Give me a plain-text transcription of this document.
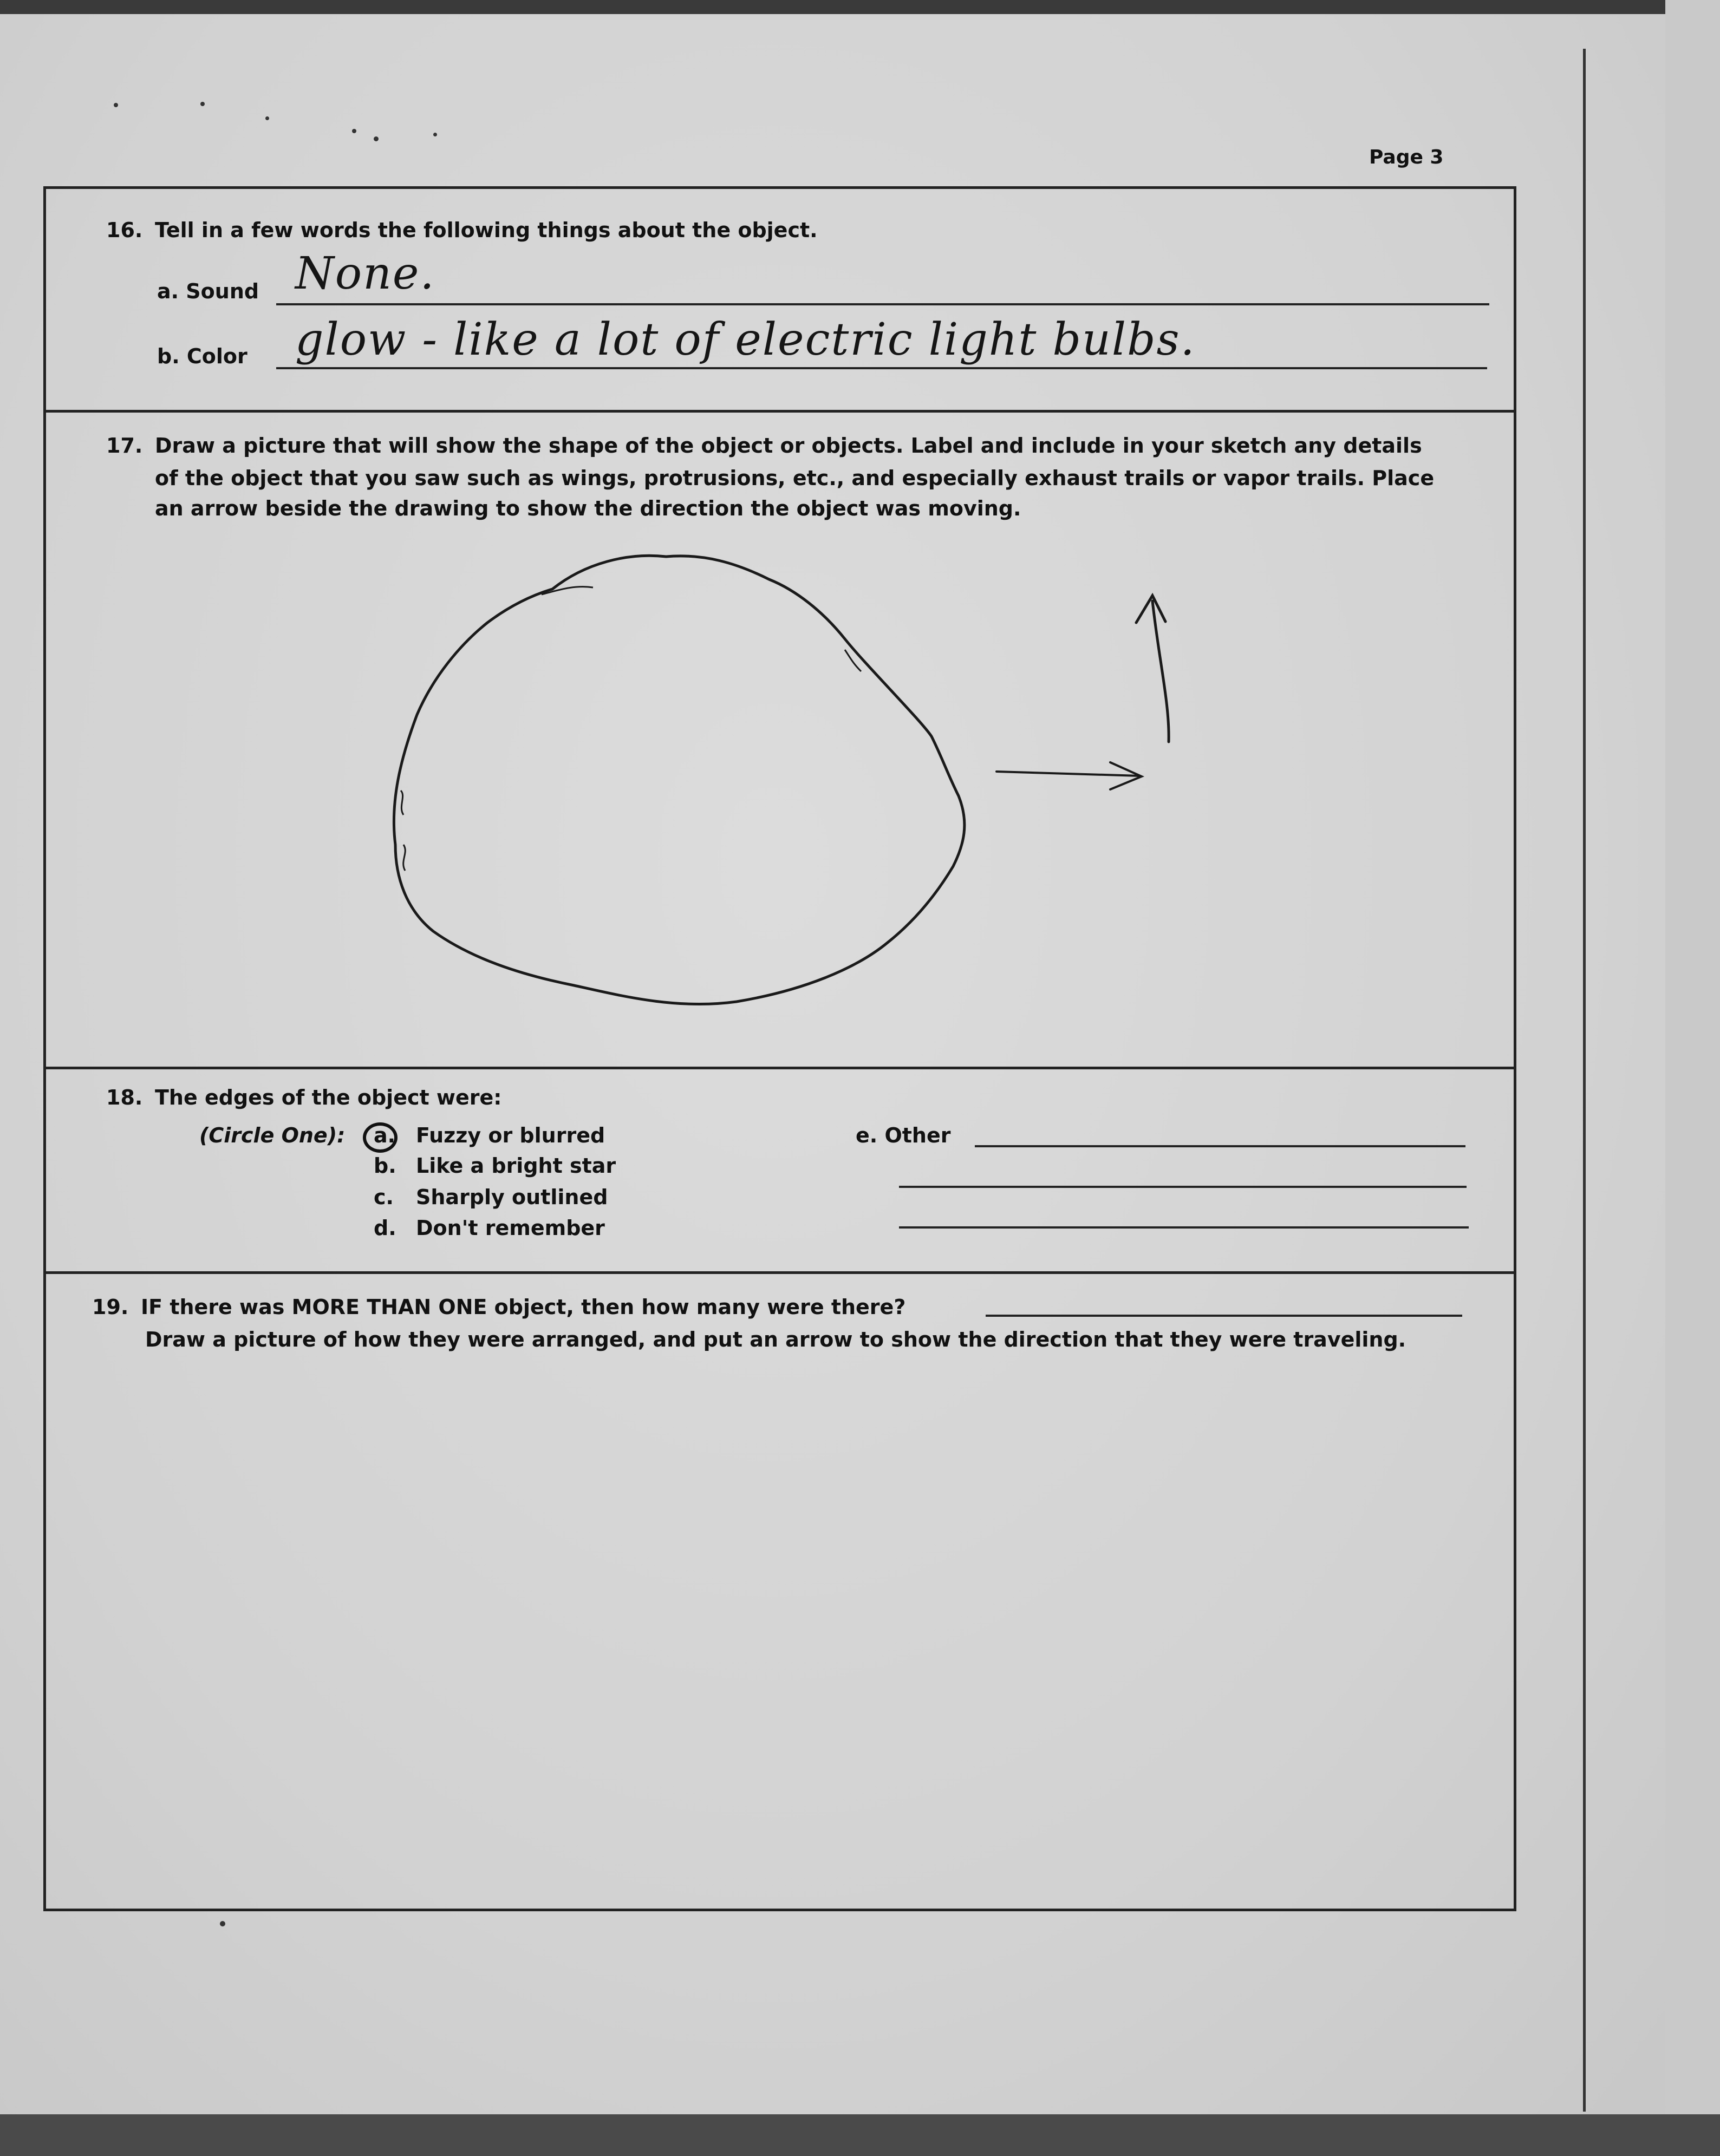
Page 3
16. Tell in a few words the following things about the object.
a. Sound None.
b. Color glow - like a lot of electric light bulbs.
17. Draw a picture that will show the shape of the object or objects. Label and include in your sketch any details
of the object that you saw such as wings, protrusions, etc., and especially exhaust trails or vapor trails. Place
an arrow beside the drawing to show the direction the object was moving.
18. The edges of the object were:
(Circle One): a. Fuzzy or blurred
b. Like a bright star
c. Sharply outlined
d. Don't remember
e. Other
19. IF there was MORE THAN ONE object, then how many were there?
Draw a picture of how they were arranged, and put an arrow to show the direction that they were traveling.
